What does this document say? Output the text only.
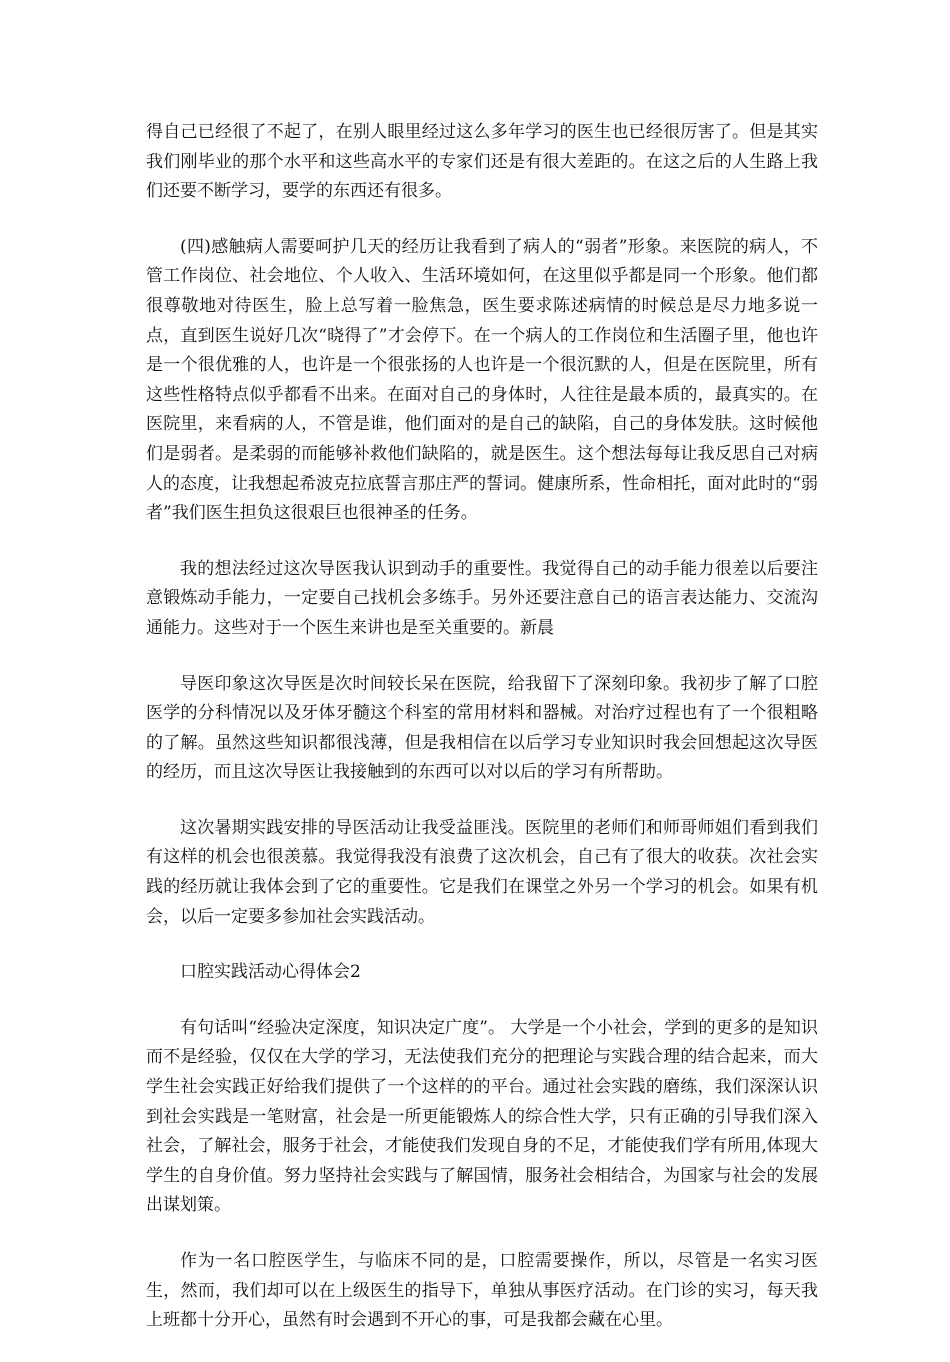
得自己已经很了不起了，在别人眼里经过这么多年学习的医生也已经很厉害了。但是其实我们刚毕业的那个水平和这些高水平的专家们还是有很大差距的。在这之后的人生路上我们还要不断学习，要学的东西还有很多。

(四)感触病人需要呵护几天的经历让我看到了病人的“弱者”形象。来医院的病人，不管工作岗位、社会地位、个人收入、生活环境如何，在这里似乎都是同一个形象。他们都很尊敬地对待医生，脸上总写着一脸焦急，医生要求陈述病情的时候总是尽力地多说一点，直到医生说好几次“晓得了”才会停下。在一个病人的工作岗位和生活圈子里，他也许是一个很优雅的人，也许是一个很张扬的人也许是一个很沉默的人，但是在医院里，所有这些性格特点似乎都看不出来。在面对自己的身体时，人往往是最本质的，最真实的。在医院里，来看病的人，不管是谁，他们面对的是自己的缺陷，自己的身体发肤。这时候他们是弱者。是柔弱的而能够补救他们缺陷的，就是医生。这个想法每每让我反思自己对病人的态度，让我想起希波克拉底誓言那庄严的誓词。健康所系，性命相托，面对此时的“弱者”我们医生担负这很艰巨也很神圣的任务。

我的想法经过这次导医我认识到动手的重要性。我觉得自己的动手能力很差以后要注意锻炼动手能力，一定要自己找机会多练手。另外还要注意自己的语言表达能力、交流沟通能力。这些对于一个医生来讲也是至关重要的。新晨

导医印象这次导医是次时间较长呆在医院，给我留下了深刻印象。我初步了解了口腔医学的分科情况以及牙体牙髓这个科室的常用材料和器械。对治疗过程也有了一个很粗略的了解。虽然这些知识都很浅薄，但是我相信在以后学习专业知识时我会回想起这次导医的经历，而且这次导医让我接触到的东西可以对以后的学习有所帮助。

这次暑期实践安排的导医活动让我受益匪浅。医院里的老师们和师哥师姐们看到我们有这样的机会也很羡慕。我觉得我没有浪费了这次机会，自己有了很大的收获。次社会实践的经历就让我体会到了它的重要性。它是我们在课堂之外另一个学习的机会。如果有机会，以后一定要多参加社会实践活动。

口腔实践活动心得体会2

有句话叫“经验决定深度，知识决定广度”。 大学是一个小社会，学到的更多的是知识而不是经验，仅仅在大学的学习，无法使我们充分的把理论与实践合理的结合起来，而大学生社会实践正好给我们提供了一个这样的的平台。通过社会实践的磨练，我们深深认识到社会实践是一笔财富，社会是一所更能锻炼人的综合性大学，只有正确的引导我们深入社会，了解社会，服务于社会，才能使我们发现自身的不足，才能使我们学有所用,体现大学生的自身价值。努力坚持社会实践与了解国情，服务社会相结合，为国家与社会的发展出谋划策。

作为一名口腔医学生，与临床不同的是，口腔需要操作，所以，尽管是一名实习医生，然而，我们却可以在上级医生的指导下，单独从事医疗活动。在门诊的实习，每天我上班都十分开心，虽然有时会遇到不开心的事，可是我都会藏在心里。
